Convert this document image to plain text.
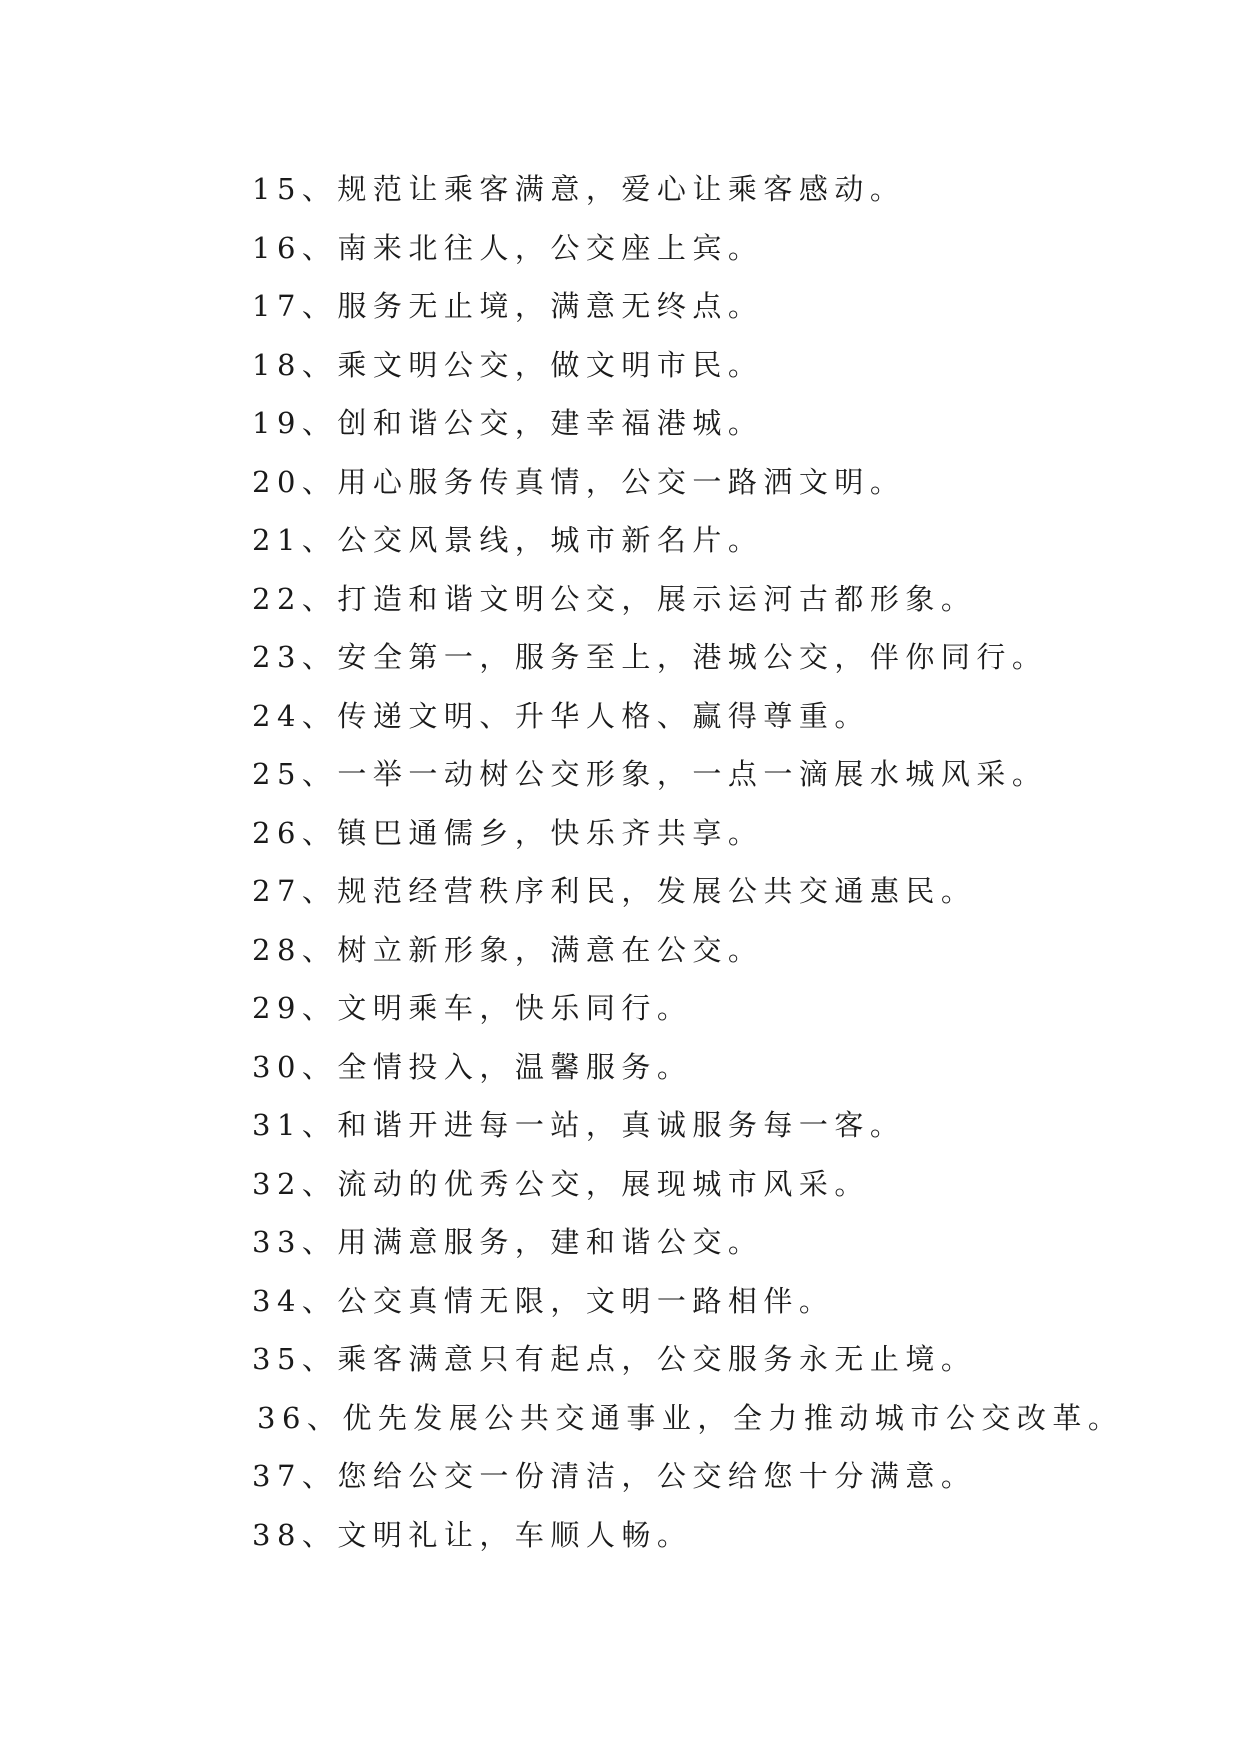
15、规范让乘客满意，爱心让乘客感动。
16、南来北往人，公交座上宾。
17、服务无止境，满意无终点。
18、乘文明公交，做文明市民。
19、创和谐公交，建幸福港城。
20、用心服务传真情，公交一路洒文明。
21、公交风景线，城市新名片。
22、打造和谐文明公交，展示运河古都形象。
23、安全第一，服务至上，港城公交，伴你同行。
24、传递文明、升华人格、赢得尊重。
25、一举一动树公交形象，一点一滴展水城风采。
26、镇巴通儒乡，快乐齐共享。
27、规范经营秩序利民，发展公共交通惠民。
28、树立新形象，满意在公交。
29、文明乘车，快乐同行。
30、全情投入，温馨服务。
31、和谐开进每一站，真诚服务每一客。
32、流动的优秀公交，展现城市风采。
33、用满意服务，建和谐公交。
34、公交真情无限，文明一路相伴。
35、乘客满意只有起点，公交服务永无止境。
36、优先发展公共交通事业，全力推动城市公交改革。
37、您给公交一份清洁，公交给您十分满意。
38、文明礼让，车顺人畅。
